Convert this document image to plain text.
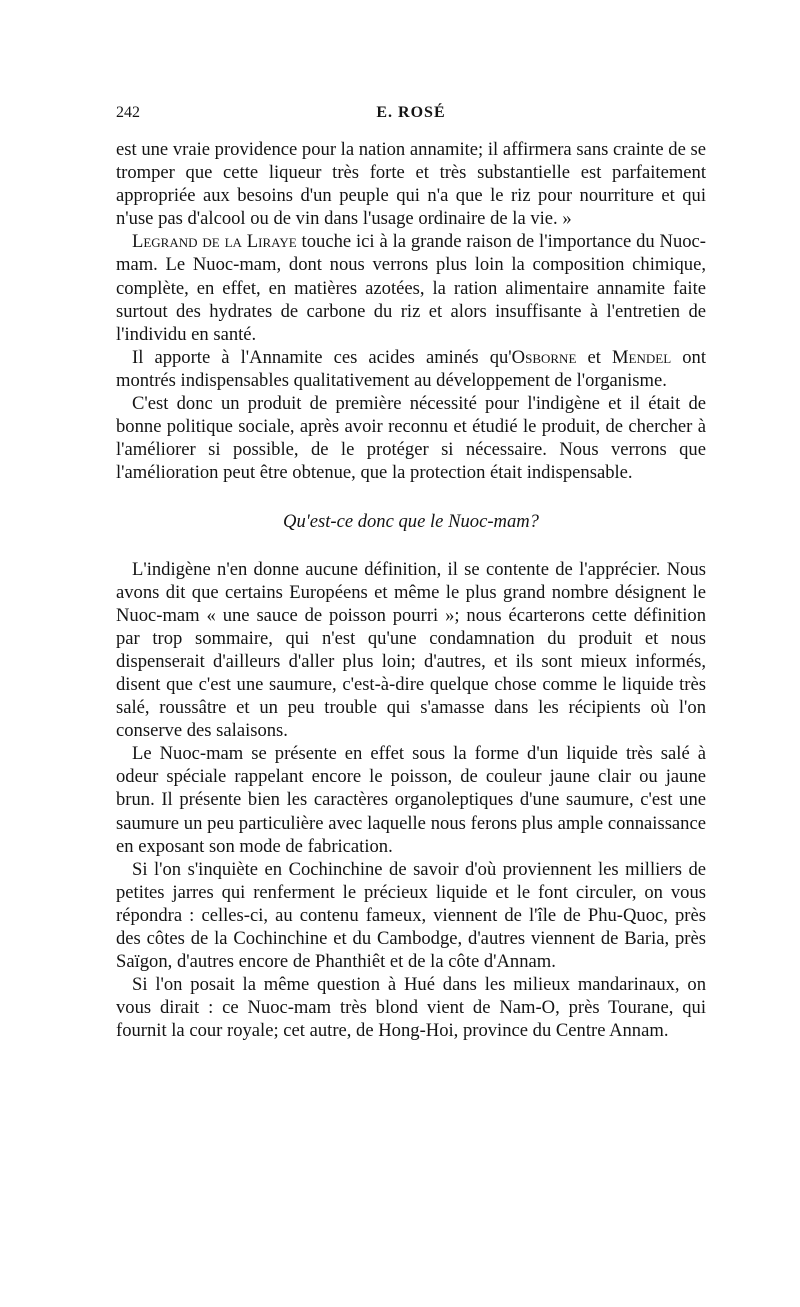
242	E. ROSÉ

est une vraie providence pour la nation annamite; il affirmera sans crainte de se tromper que cette liqueur très forte et très substantielle est parfaitement appropriée aux besoins d'un peuple qui n'a que le riz pour nourriture et qui n'use pas d'alcool ou de vin dans l'usage ordinaire de la vie. »

Legrand de la Liraye touche ici à la grande raison de l'importance du Nuoc-mam. Le Nuoc-mam, dont nous verrons plus loin la composition chimique, complète, en effet, en matières azotées, la ration alimentaire annamite faite surtout des hydrates de carbone du riz et alors insuffisante à l'entretien de l'individu en santé.

Il apporte à l'Annamite ces acides aminés qu'Osborne et Mendel ont montrés indispensables qualitativement au développement de l'organisme.

C'est donc un produit de première nécessité pour l'indigène et il était de bonne politique sociale, après avoir reconnu et étudié le produit, de chercher à l'améliorer si possible, de le protéger si nécessaire. Nous verrons que l'amélioration peut être obtenue, que la protection était indispensable.

Qu'est-ce donc que le Nuoc-mam?

L'indigène n'en donne aucune définition, il se contente de l'apprécier. Nous avons dit que certains Européens et même le plus grand nombre désignent le Nuoc-mam « une sauce de poisson pourri »; nous écarterons cette définition par trop sommaire, qui n'est qu'une condamnation du produit et nous dispenserait d'ailleurs d'aller plus loin; d'autres, et ils sont mieux informés, disent que c'est une saumure, c'est-à-dire quelque chose comme le liquide très salé, roussâtre et un peu trouble qui s'amasse dans les récipients où l'on conserve des salaisons.

Le Nuoc-mam se présente en effet sous la forme d'un liquide très salé à odeur spéciale rappelant encore le poisson, de couleur jaune clair ou jaune brun. Il présente bien les caractères organoleptiques d'une saumure, c'est une saumure un peu particulière avec laquelle nous ferons plus ample connaissance en exposant son mode de fabrication.

Si l'on s'inquiète en Cochinchine de savoir d'où proviennent les milliers de petites jarres qui renferment le précieux liquide et le font circuler, on vous répondra : celles-ci, au contenu fameux, viennent de l'île de Phu-Quoc, près des côtes de la Cochinchine et du Cambodge, d'autres viennent de Baria, près Saïgon, d'autres encore de Phanthiêt et de la côte d'Annam.

Si l'on posait la même question à Hué dans les milieux mandarinaux, on vous dirait : ce Nuoc-mam très blond vient de Nam-O, près Tourane, qui fournit la cour royale; cet autre, de Hong-Hoi, province du Centre Annam.
